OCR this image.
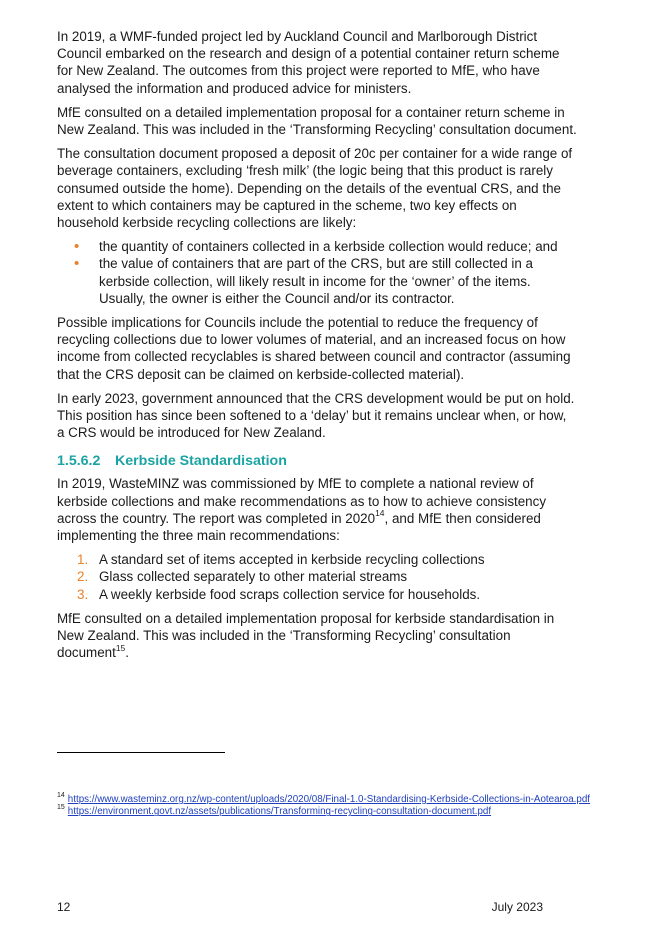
In 2019, a WMF-funded project led by Auckland Council and Marlborough District Council embarked on the research and design of a potential container return scheme for New Zealand. The outcomes from this project were reported to MfE, who have analysed the information and produced advice for ministers.

MfE consulted on a detailed implementation proposal for a container return scheme in New Zealand. This was included in the ‘Transforming Recycling’ consultation document.

The consultation document proposed a deposit of 20c per container for a wide range of beverage containers, excluding ‘fresh milk’ (the logic being that this product is rarely consumed outside the home). Depending on the details of the eventual CRS, and the extent to which containers may be captured in the scheme, two key effects on household kerbside recycling collections are likely:

• the quantity of containers collected in a kerbside collection would reduce; and
• the value of containers that are part of the CRS, but are still collected in a kerbside collection, will likely result in income for the ‘owner’ of the items. Usually, the owner is either the Council and/or its contractor.

Possible implications for Councils include the potential to reduce the frequency of recycling collections due to lower volumes of material, and an increased focus on how income from collected recyclables is shared between council and contractor (assuming that the CRS deposit can be claimed on kerbside-collected material).

In early 2023, government announced that the CRS development would be put on hold. This position has since been softened to a ‘delay’ but it remains unclear when, or how, a CRS would be introduced for New Zealand.

1.5.6.2 Kerbside Standardisation

In 2019, WasteMINZ was commissioned by MfE to complete a national review of kerbside collections and make recommendations as to how to achieve consistency across the country. The report was completed in 2020$^{14}$, and MfE then considered implementing the three main recommendations:

1. A standard set of items accepted in kerbside recycling collections
2. Glass collected separately to other material streams
3. A weekly kerbside food scraps collection service for households.

MfE consulted on a detailed implementation proposal for kerbside standardisation in New Zealand. This was included in the ‘Transforming Recycling’ consultation document$^{15}$.

$^{14}$ https://www.wasteminz.org.nz/wp-content/uploads/2020/08/Final-1.0-Standardising-Kerbside-Collections-in-Aotearoa.pdf

$^{15}$ https://environment.govt.nz/assets/publications/Transforming-recycling-consultation-document.pdf

12	July 2023
